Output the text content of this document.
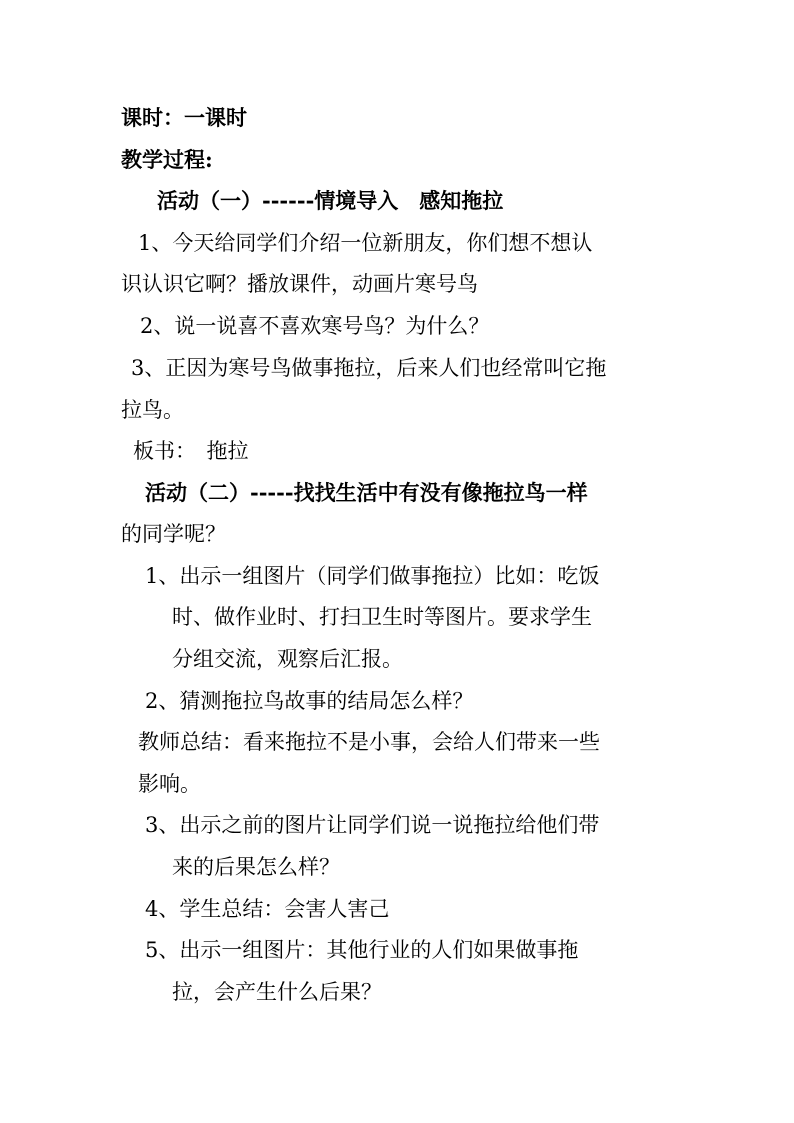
课时：一课时
教学过程:
活动（一）------情境导入　感知拖拉
1、今天给同学们介绍一位新朋友，你们想不想认
识认识它啊？播放课件，动画片寒号鸟
2、说一说喜不喜欢寒号鸟？为什么？
3、正因为寒号鸟做事拖拉，后来人们也经常叫它拖
拉鸟。
板书：　拖拉
活动（二）-----找找生活中有没有像拖拉鸟一样
的同学呢？
1、出示一组图片（同学们做事拖拉）比如：吃饭
时、做作业时、打扫卫生时等图片。要求学生
分组交流，观察后汇报。
2、猜测拖拉鸟故事的结局怎么样？
教师总结：看来拖拉不是小事，会给人们带来一些
影响。
3、出示之前的图片让同学们说一说拖拉给他们带
来的后果怎么样？
4、学生总结：会害人害己
5、出示一组图片：其他行业的人们如果做事拖
拉，会产生什么后果？
